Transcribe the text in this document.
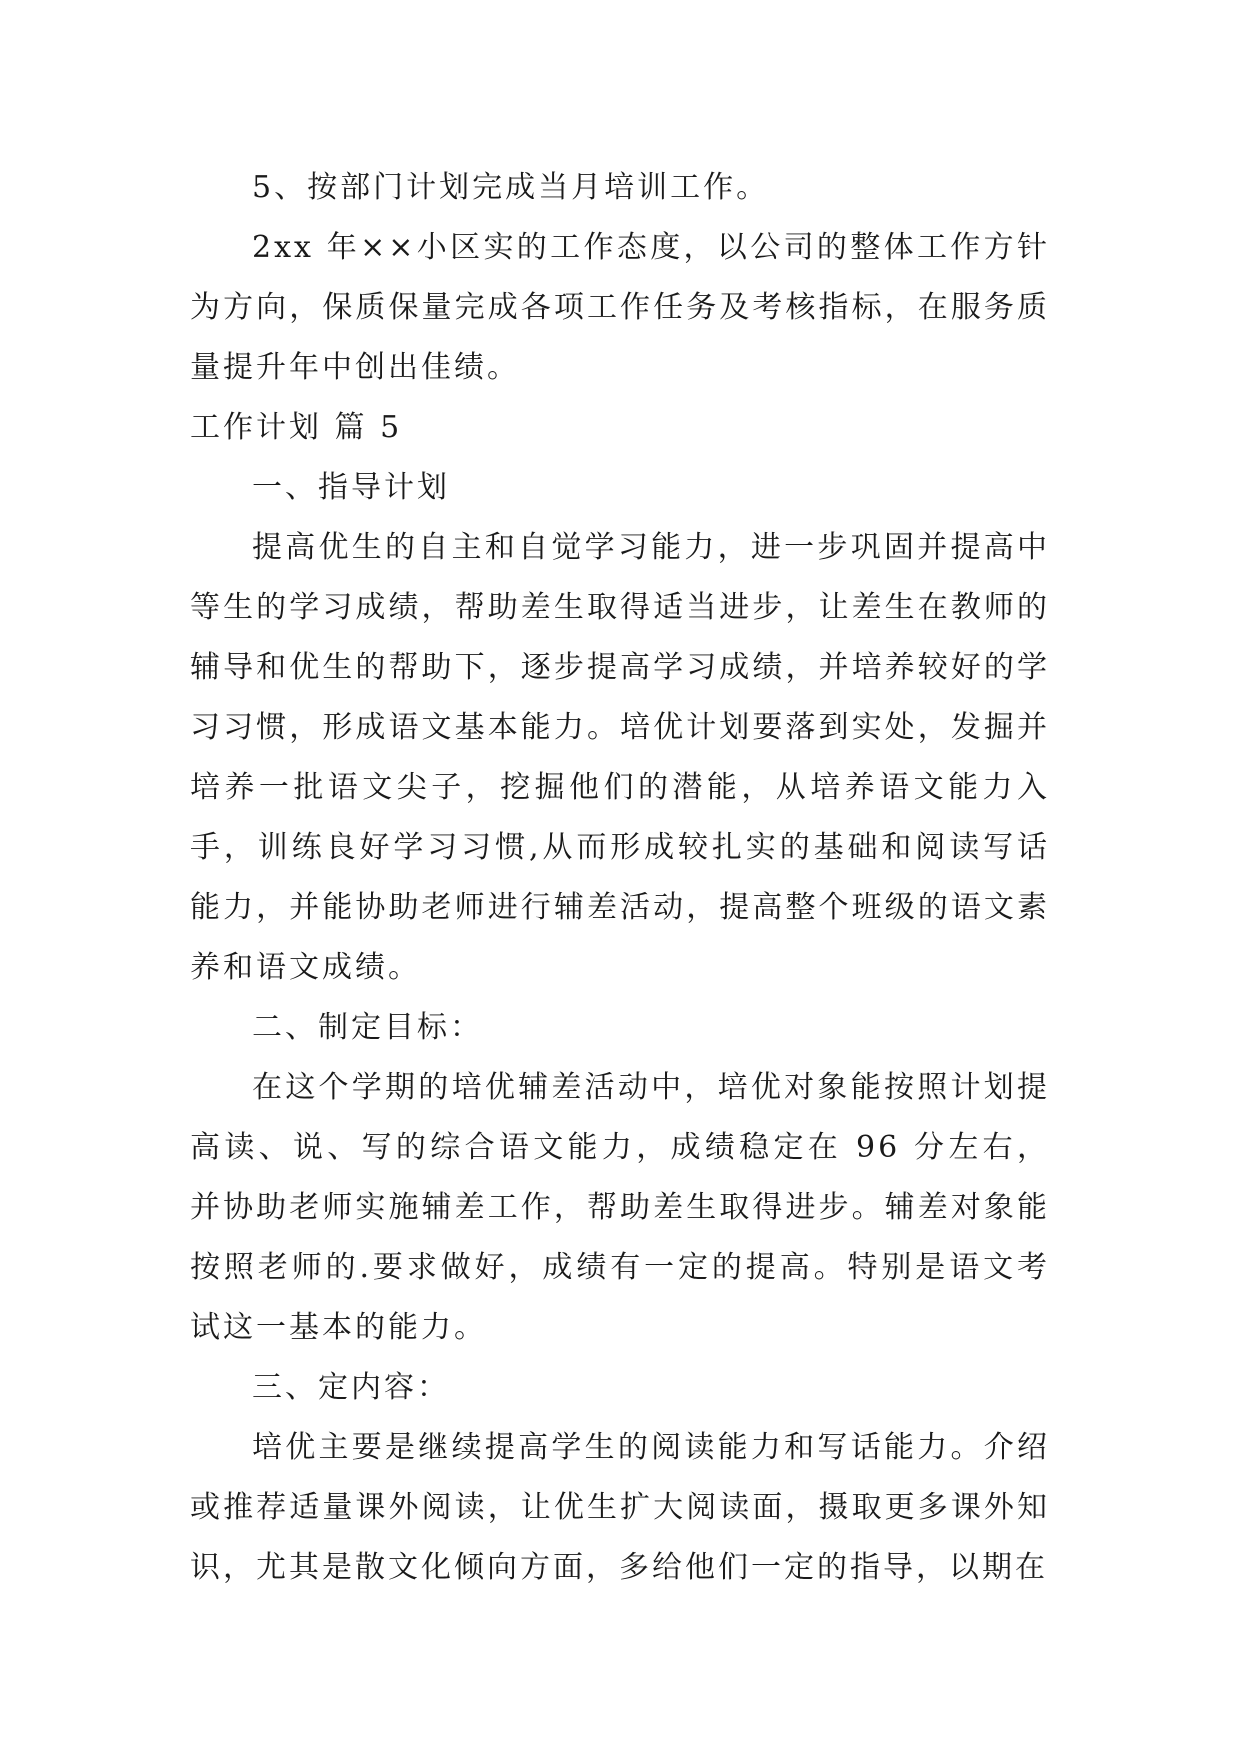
5、按部门计划完成当月培训工作。

2xx 年××小区实的工作态度，以公司的整体工作方针为方向，保质保量完成各项工作任务及考核指标，在服务质量提升年中创出佳绩。

工作计划 篇 5

一、指导计划

提高优生的自主和自觉学习能力，进一步巩固并提高中等生的学习成绩，帮助差生取得适当进步，让差生在教师的辅导和优生的帮助下，逐步提高学习成绩，并培养较好的学习习惯，形成语文基本能力。培优计划要落到实处，发掘并培养一批语文尖子，挖掘他们的潜能，从培养语文能力入手，训练良好学习习惯,从而形成较扎实的基础和阅读写话能力，并能协助老师进行辅差活动，提高整个班级的语文素养和语文成绩。

二、制定目标：

在这个学期的培优辅差活动中，培优对象能按照计划提高读、说、写的综合语文能力，成绩稳定在 96 分左右，并协助老师实施辅差工作，帮助差生取得进步。辅差对象能按照老师的.要求做好，成绩有一定的提高。特别是语文考试这一基本的能力。

三、定内容：

培优主要是继续提高学生的阅读能力和写话能力。介绍或推荐适量课外阅读，让优生扩大阅读面，摄取更多课外知识，尤其是散文化倾向方面，多给他们一定的指导，以期在
